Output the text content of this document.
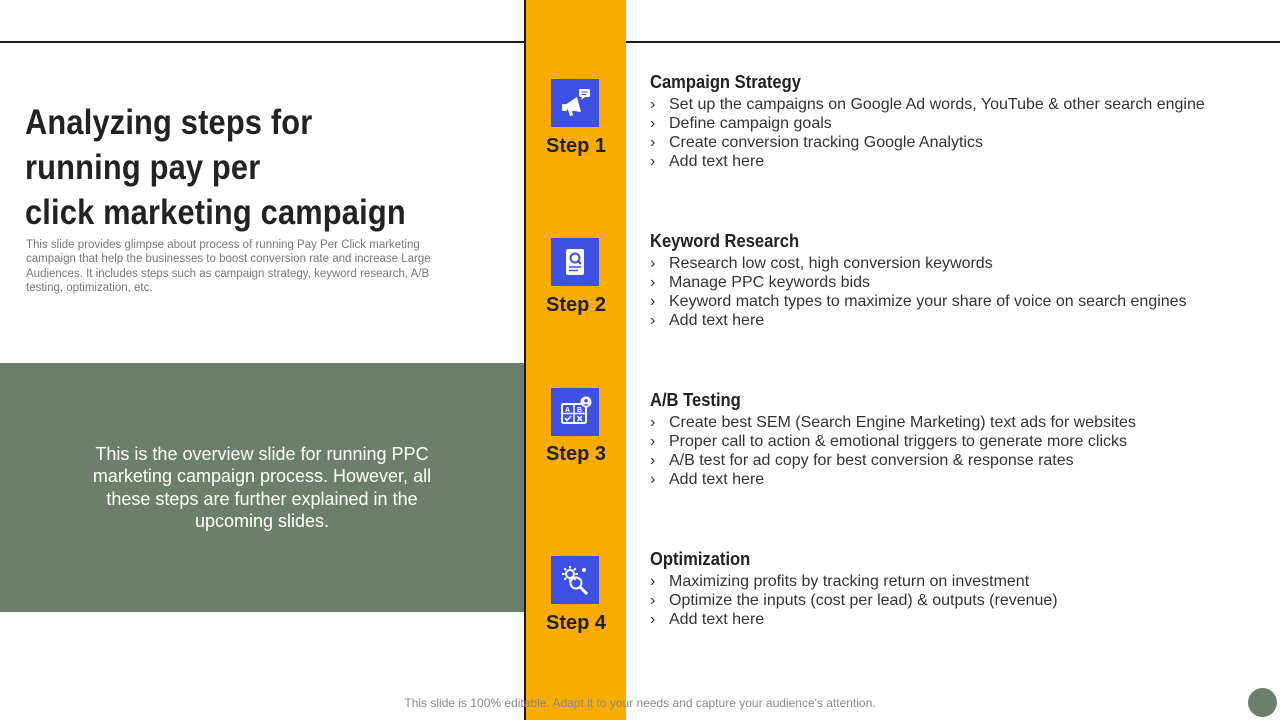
Analyzing steps for
running pay per
click marketing campaign

This slide provides glimpse about process of running Pay Per Click marketing campaign that help the businesses to boost conversion rate and increase Large Audiences. It includes steps such as campaign strategy, keyword research, A/B testing, optimization, etc.

This is the overview slide for running PPC marketing campaign process. However, all these steps are further explained in the upcoming slides.

Step 1
Campaign Strategy
› Set up the campaigns on Google Ad words, YouTube & other search engine
› Define campaign goals
› Create conversion tracking Google Analytics
› Add text here
Step 2
Keyword Research
› Research low cost, high conversion keywords
› Manage PPC keywords bids
› Keyword match types to maximize your share of voice on search engines
› Add text here
A B
Step 3
A/B Testing
› Create best SEM (Search Engine Marketing) text ads for websites
› Proper call to action & emotional triggers to generate more clicks
› A/B test for ad copy for best conversion & response rates
› Add text here
Step 4
Optimization
› Maximizing profits by tracking return on investment
› Optimize the inputs (cost per lead) & outputs (revenue)
› Add text here
This slide is 100% editable. Adapt it to your needs and capture your audience's attention.
